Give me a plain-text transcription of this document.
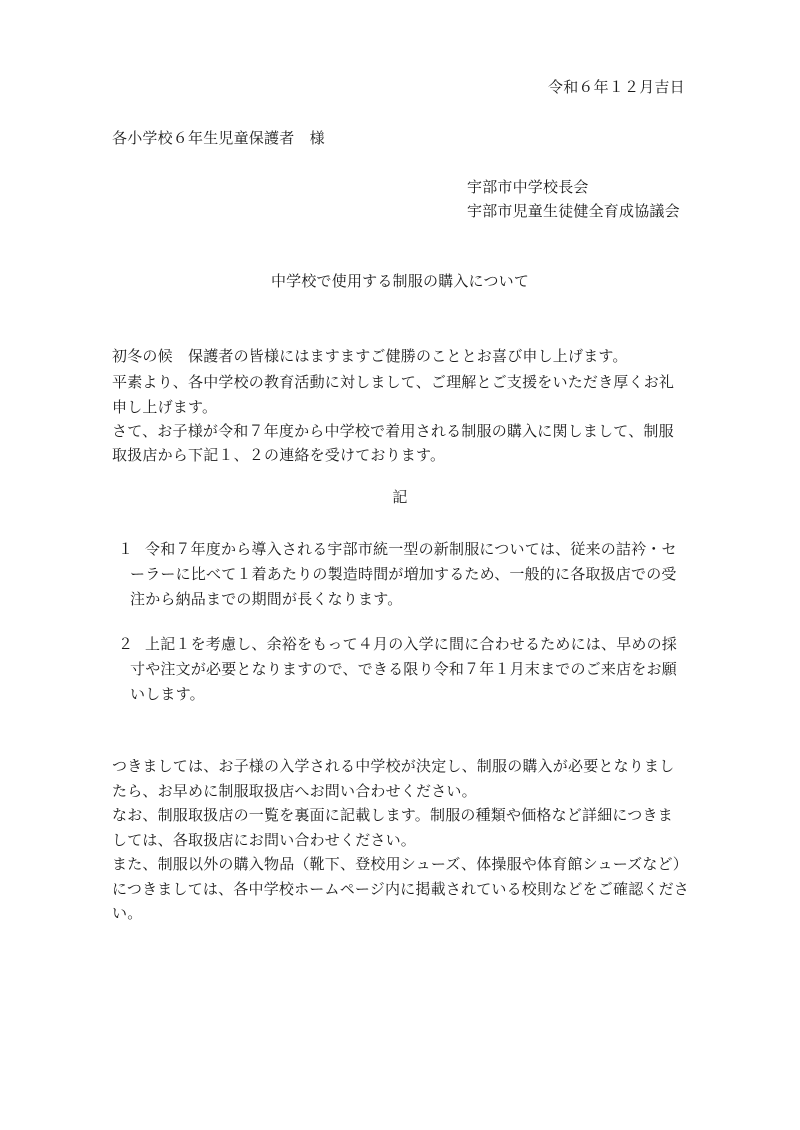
令和６年１２月吉日
各小学校６年生児童保護者　様
宇部市中学校長会
宇部市児童生徒健全育成協議会
中学校で使用する制服の購入について
初冬の候　保護者の皆様にはますますご健勝のこととお喜び申し上げます。
平素より、各中学校の教育活動に対しまして、ご理解とご支援をいただき厚くお礼
申し上げます。
さて、お子様が令和７年度から中学校で着用される制服の購入に関しまして、制服
取扱店から下記１、２の連絡を受けております。
記
１ 令和７年度から導入される宇部市統一型の新制服については、従来の詰衿・セ
ーラーに比べて１着あたりの製造時間が増加するため、一般的に各取扱店での受
注から納品までの期間が長くなります。
２ 上記１を考慮し、余裕をもって４月の入学に間に合わせるためには、早めの採
寸や注文が必要となりますので、できる限り令和７年１月末までのご来店をお願
いします。
つきましては、お子様の入学される中学校が決定し、制服の購入が必要となりまし
たら、お早めに制服取扱店へお問い合わせください。
なお、制服取扱店の一覧を裏面に記載します。制服の種類や価格など詳細につきま
しては、各取扱店にお問い合わせください。
また、制服以外の購入物品（靴下、登校用シューズ、体操服や体育館シューズなど）
につきましては、各中学校ホームページ内に掲載されている校則などをご確認くださ
い。
